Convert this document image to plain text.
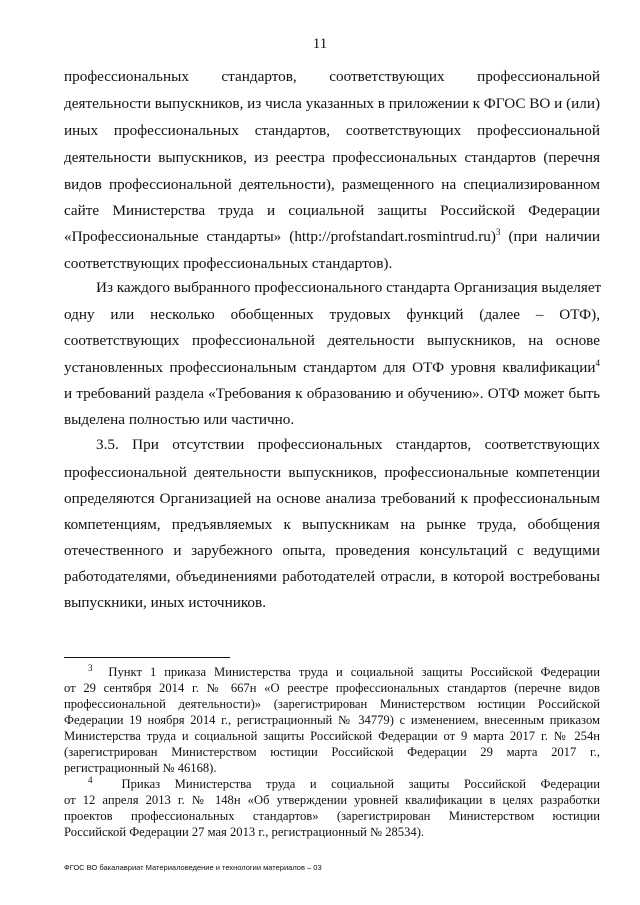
11
профессиональных стандартов, соответствующих профессиональной
деятельности выпускников, из числа указанных в приложении к ФГОС ВО и (или)
иных профессиональных стандартов, соответствующих профессиональной
деятельности выпускников, из реестра профессиональных стандартов (перечня
видов профессиональной деятельности), размещенного на специализированном
сайте Министерства труда и социальной защиты Российской Федерации
«Профессиональные стандарты» (http://profstandart.rosmintrud.ru)$^3$ (при наличии
соответствующих профессиональных стандартов).
Из каждого выбранного профессионального стандарта Организация выделяет
одну или несколько обобщенных трудовых функций (далее – ОТФ),
соответствующих профессиональной деятельности выпускников, на основе
установленных профессиональным стандартом для ОТФ уровня квалификации$^4$
и требований раздела «Требования к образованию и обучению». ОТФ может быть
выделена полностью или частично.
3.5. При отсутствии профессиональных стандартов, соответствующих
профессиональной деятельности выпускников, профессиональные компетенции
определяются Организацией на основе анализа требований к профессиональным
компетенциям, предъявляемых к выпускникам на рынке труда, обобщения
отечественного и зарубежного опыта, проведения консультаций с ведущими
работодателями, объединениями работодателей отрасли, в которой востребованы
выпускники, иных источников.
$^3$ Пункт 1 приказа Министерства труда и социальной защиты Российской Федерации
от 29 сентября 2014 г. № 667н «О реестре профессиональных стандартов (перечне видов
профессиональной деятельности)» (зарегистрирован Министерством юстиции Российской
Федерации 19 ноября 2014 г., регистрационный № 34779) с изменением, внесенным приказом
Министерства труда и социальной защиты Российской Федерации от 9 марта 2017 г. № 254н
(зарегистрирован Министерством юстиции Российской Федерации 29 марта 2017 г.,
регистрационный № 46168).
$^4$ Приказ Министерства труда и социальной защиты Российской Федерации
от 12 апреля 2013 г. № 148н «Об утверждении уровней квалификации в целях разработки
проектов профессиональных стандартов» (зарегистрирован Министерством юстиции
Российской Федерации 27 мая 2013 г., регистрационный № 28534).
ФГОС ВО бакалавриат Материаловедение и технологии материалов – 03
